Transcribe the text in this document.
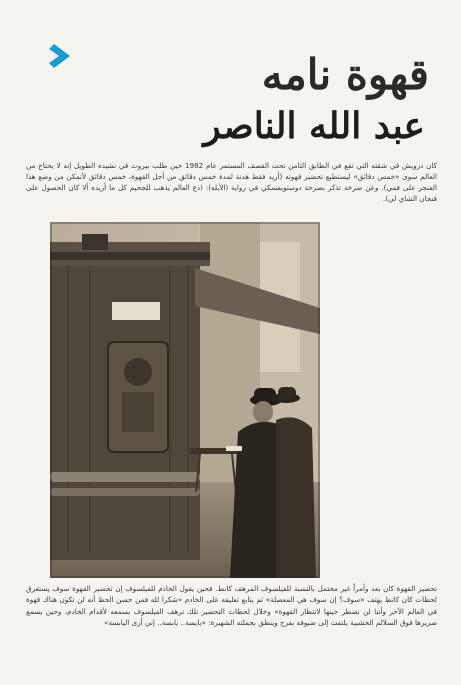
قهوة نامه
عبد الله الناصر
كان درويش في شقته التي تقع في الطابق الثامن تحت القصف المستمر عام 1982 حين طلب بيروت في نشيده الطويل إنه لا يحتاج من العالم سوى «خمس دقائق» ليستطيع تحضير قهوته (أريد فقط هدنة لمدة خمس دقائق من أجل القهوة، خمس دقائق لأتمكن من وضع هذا الفنجر على فمي). وعن صرخة تذكر بصرخة دوستويفسكي في رواية (الأبله): (دع العالم يذهب للجحيم كل ما أريده ألا كان الحصول على فنجان الشاي لي).
تحضير القهوة كان بعد وأمراً غير محتمل بالنسبة للفيلسوف المرهف كانط. فحين يقول الخادم للفيلسوف إن تحضير القهوة سوف يستغرق لحظات كان كانط يهتف «سوف؟ إن سوف هي المعضلة» ثم يتابع تعليقه على الخادم «شكرا لله فمن حسن الحظ أنه لن تكون هناك قهوة في العالم الآخر وأننا لن نضطر حينها لانتظار القهوة» وخلال لحظات التحضير تلك ترهف الفيلسوف بسمعه لأقدام الخادم، وحين يسمع صريرها فوق السلالم الخشبية يلتفت إلى ضيوفه بفرح وينطق بجملته الشهيرة: «يابسة.. يابسة.. إني أرى اليابسة»
